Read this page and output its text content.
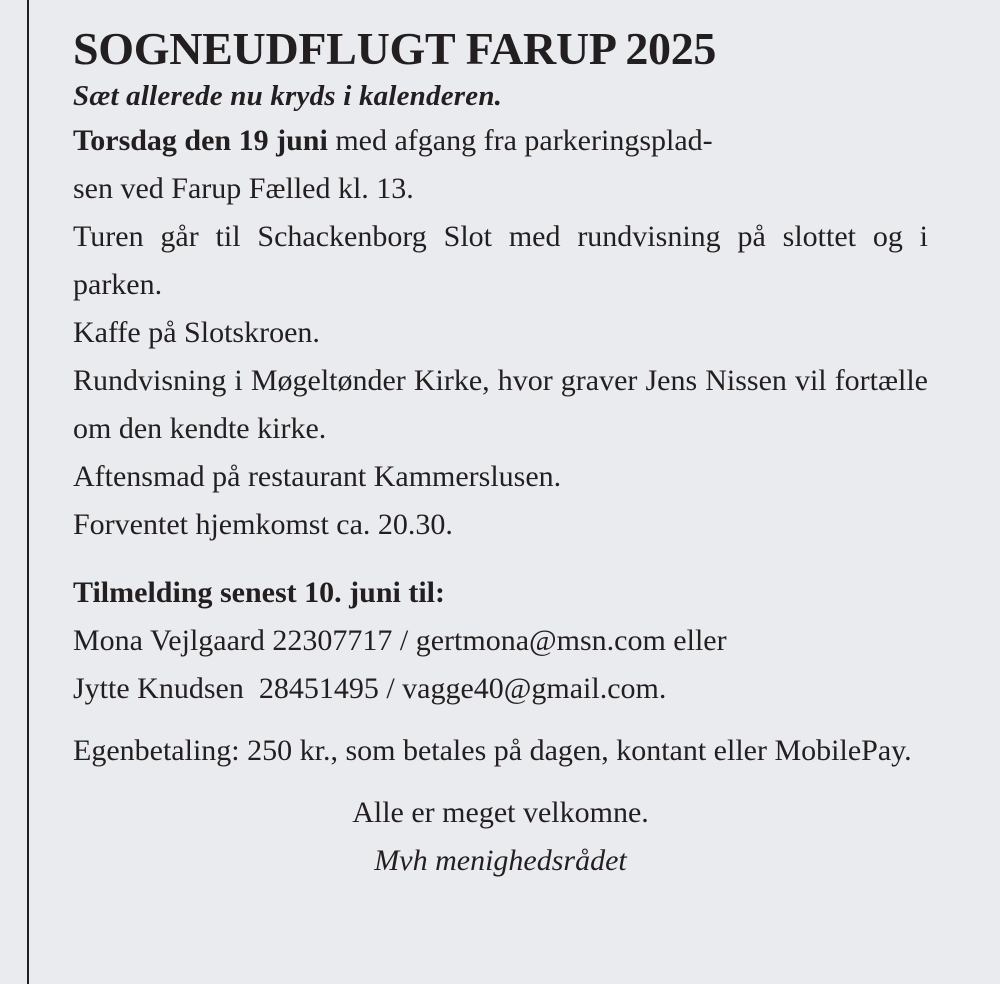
SOGNEUDFLUGT FARUP 2025

Sæt allerede nu kryds i kalenderen.

Torsdag den 19 juni med afgang fra parkeringsplad-
sen ved Farup Fælled kl. 13.

Turen går til Schackenborg Slot med rundvisning på slottet og i parken.

Kaffe på Slotskroen.

Rundvisning i Møgeltønder Kirke, hvor graver Jens Nissen vil fortælle om den kendte kirke.

Aftensmad på restaurant Kammerslusen.

Forventet hjemkomst ca. 20.30.

Tilmelding senest 10. juni til:

Mona Vejlgaard 22307717 / gertmona@msn.com eller

Jytte Knudsen  28451495 / vagge40@gmail.com.

Egenbetaling: 250 kr., som betales på dagen, kontant eller MobilePay.

Alle er meget velkomne.

Mvh menighedsrådet
